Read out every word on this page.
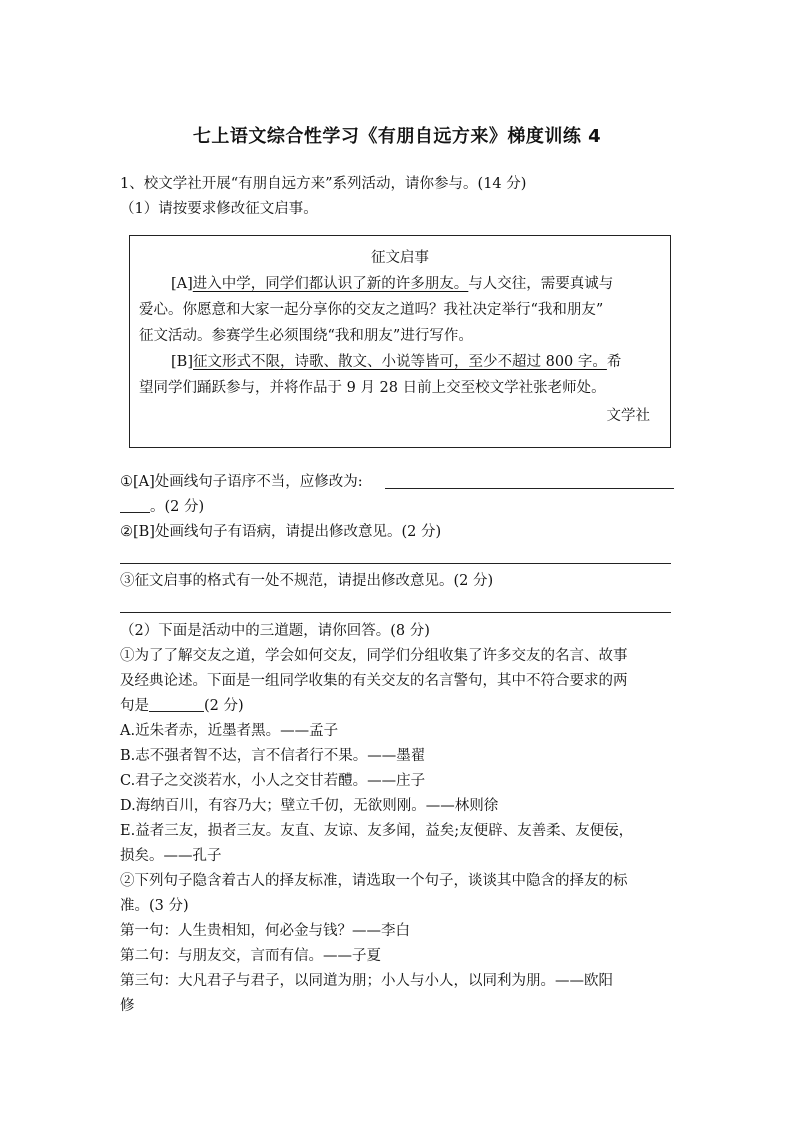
七上语文综合性学习《有朋自远方来》梯度训练 4
1、校文学社开展“有朋自远方来”系列活动，请你参与。(14 分)
（1）请按要求修改征文启事。
征文启事
[A]进入中学，同学们都认识了新的许多朋友。与人交往，需要真诚与
爱心。你愿意和大家一起分享你的交友之道吗？我社决定举行“我和朋友”
征文活动。参赛学生必须围绕“我和朋友”进行写作。
[B]征文形式不限，诗歌、散文、小说等皆可，至少不超过 800 字。希
望同学们踊跃参与，并将作品于 9 月 28 日前上交至校文学社张老师处。
文学社
①[A]处画线句子语序不当，应修改为:
。(2 分)
②[B]处画线句子有语病，请提出修改意见。(2 分)
③征文启事的格式有一处不规范，请提出修改意见。(2 分)
（2）下面是活动中的三道题，请你回答。(8 分)
①为了了解交友之道，学会如何交友，同学们分组收集了许多交友的名言、故事
及经典论述。下面是一组同学收集的有关交友的名言警句，其中不符合要求的两
句是	(2 分)
A.近朱者赤，近墨者黑。——孟子
B.志不强者智不达，言不信者行不果。——墨翟
C.君子之交淡若水，小人之交甘若醴。——庄子
D.海纳百川，有容乃大；壁立千仞，无欲则刚。——林则徐
E.益者三友，损者三友。友直、友谅、友多闻，益矣;友便辟、友善柔、友便佞，
损矣。——孔子
②下列句子隐含着古人的择友标准，请选取一个句子，谈谈其中隐含的择友的标
准。(3 分)
第一句：人生贵相知，何必金与钱？——李白
第二句：与朋友交，言而有信。——子夏
第三句：大凡君子与君子，以同道为朋；小人与小人，以同利为朋。——欧阳
修
